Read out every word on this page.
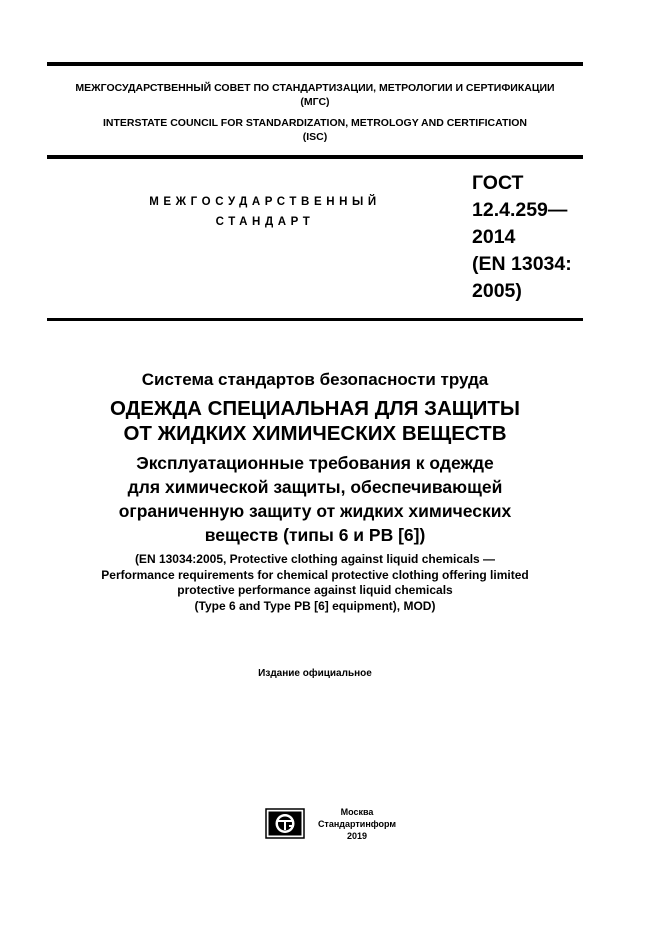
МЕЖГОСУДАРСТВЕННЫЙ СОВЕТ ПО СТАНДАРТИЗАЦИИ, МЕТРОЛОГИИ И СЕРТИФИКАЦИИ
(МГС)
INTERSTATE COUNCIL FOR STANDARDIZATION, METROLOGY AND CERTIFICATION
(ISC)
МЕЖГОСУДАРСТВЕННЫЙ
СТАНДАРТ
ГОСТ
12.4.259—
2014
(EN 13034:
2005)
Система стандартов безопасности труда
ОДЕЖДА СПЕЦИАЛЬНАЯ ДЛЯ ЗАЩИТЫ
ОТ ЖИДКИХ ХИМИЧЕСКИХ ВЕЩЕСТВ
Эксплуатационные требования к одежде
для химической защиты, обеспечивающей
ограниченную защиту от жидких химических
веществ (типы 6 и PB [6])
(EN 13034:2005, Protective clothing against liquid chemicals —
Performance requirements for chemical protective clothing offering limited
protective performance against liquid chemicals
(Type 6 and Type PB [6] equipment), MOD)
Издание официальное
Москва
Стандартинформ
2019
